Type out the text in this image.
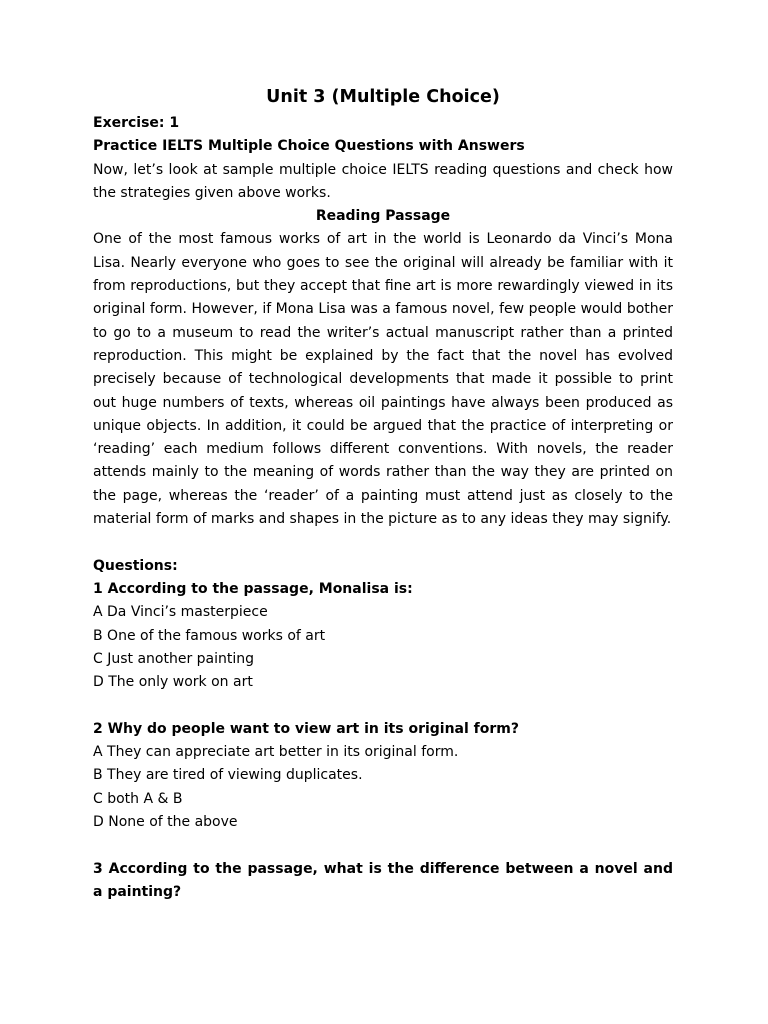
Unit 3 (Multiple Choice)

Exercise: 1

Practice IELTS Multiple Choice Questions with Answers

Now, let’s look at sample multiple choice IELTS reading questions and check how the strategies given above works.

Reading Passage

One of the most famous works of art in the world is Leonardo da Vinci’s Mona Lisa. Nearly everyone who goes to see the original will already be familiar with it from reproductions, but they accept that fine art is more rewardingly viewed in its original form. However, if Mona Lisa was a famous novel, few people would bother to go to a museum to read the writer’s actual manuscript rather than a printed reproduction. This might be explained by the fact that the novel has evolved precisely because of technological developments that made it possible to print out huge numbers of texts, whereas oil paintings have always been produced as unique objects. In addition, it could be argued that the practice of interpreting or ‘reading’ each medium follows different conventions. With novels, the reader attends mainly to the meaning of words rather than the way they are printed on the page, whereas the ‘reader’ of a painting must attend just as closely to the material form of marks and shapes in the picture as to any ideas they may signify.

Questions:

1 According to the passage, Monalisa is:

A Da Vinci’s masterpiece

B One of the famous works of art

C Just another painting

D The only work on art

2 Why do people want to view art in its original form?

A They can appreciate art better in its original form.

B They are tired of viewing duplicates.

C both A & B

D None of the above

3 According to the passage, what is the difference between a novel and a painting?
